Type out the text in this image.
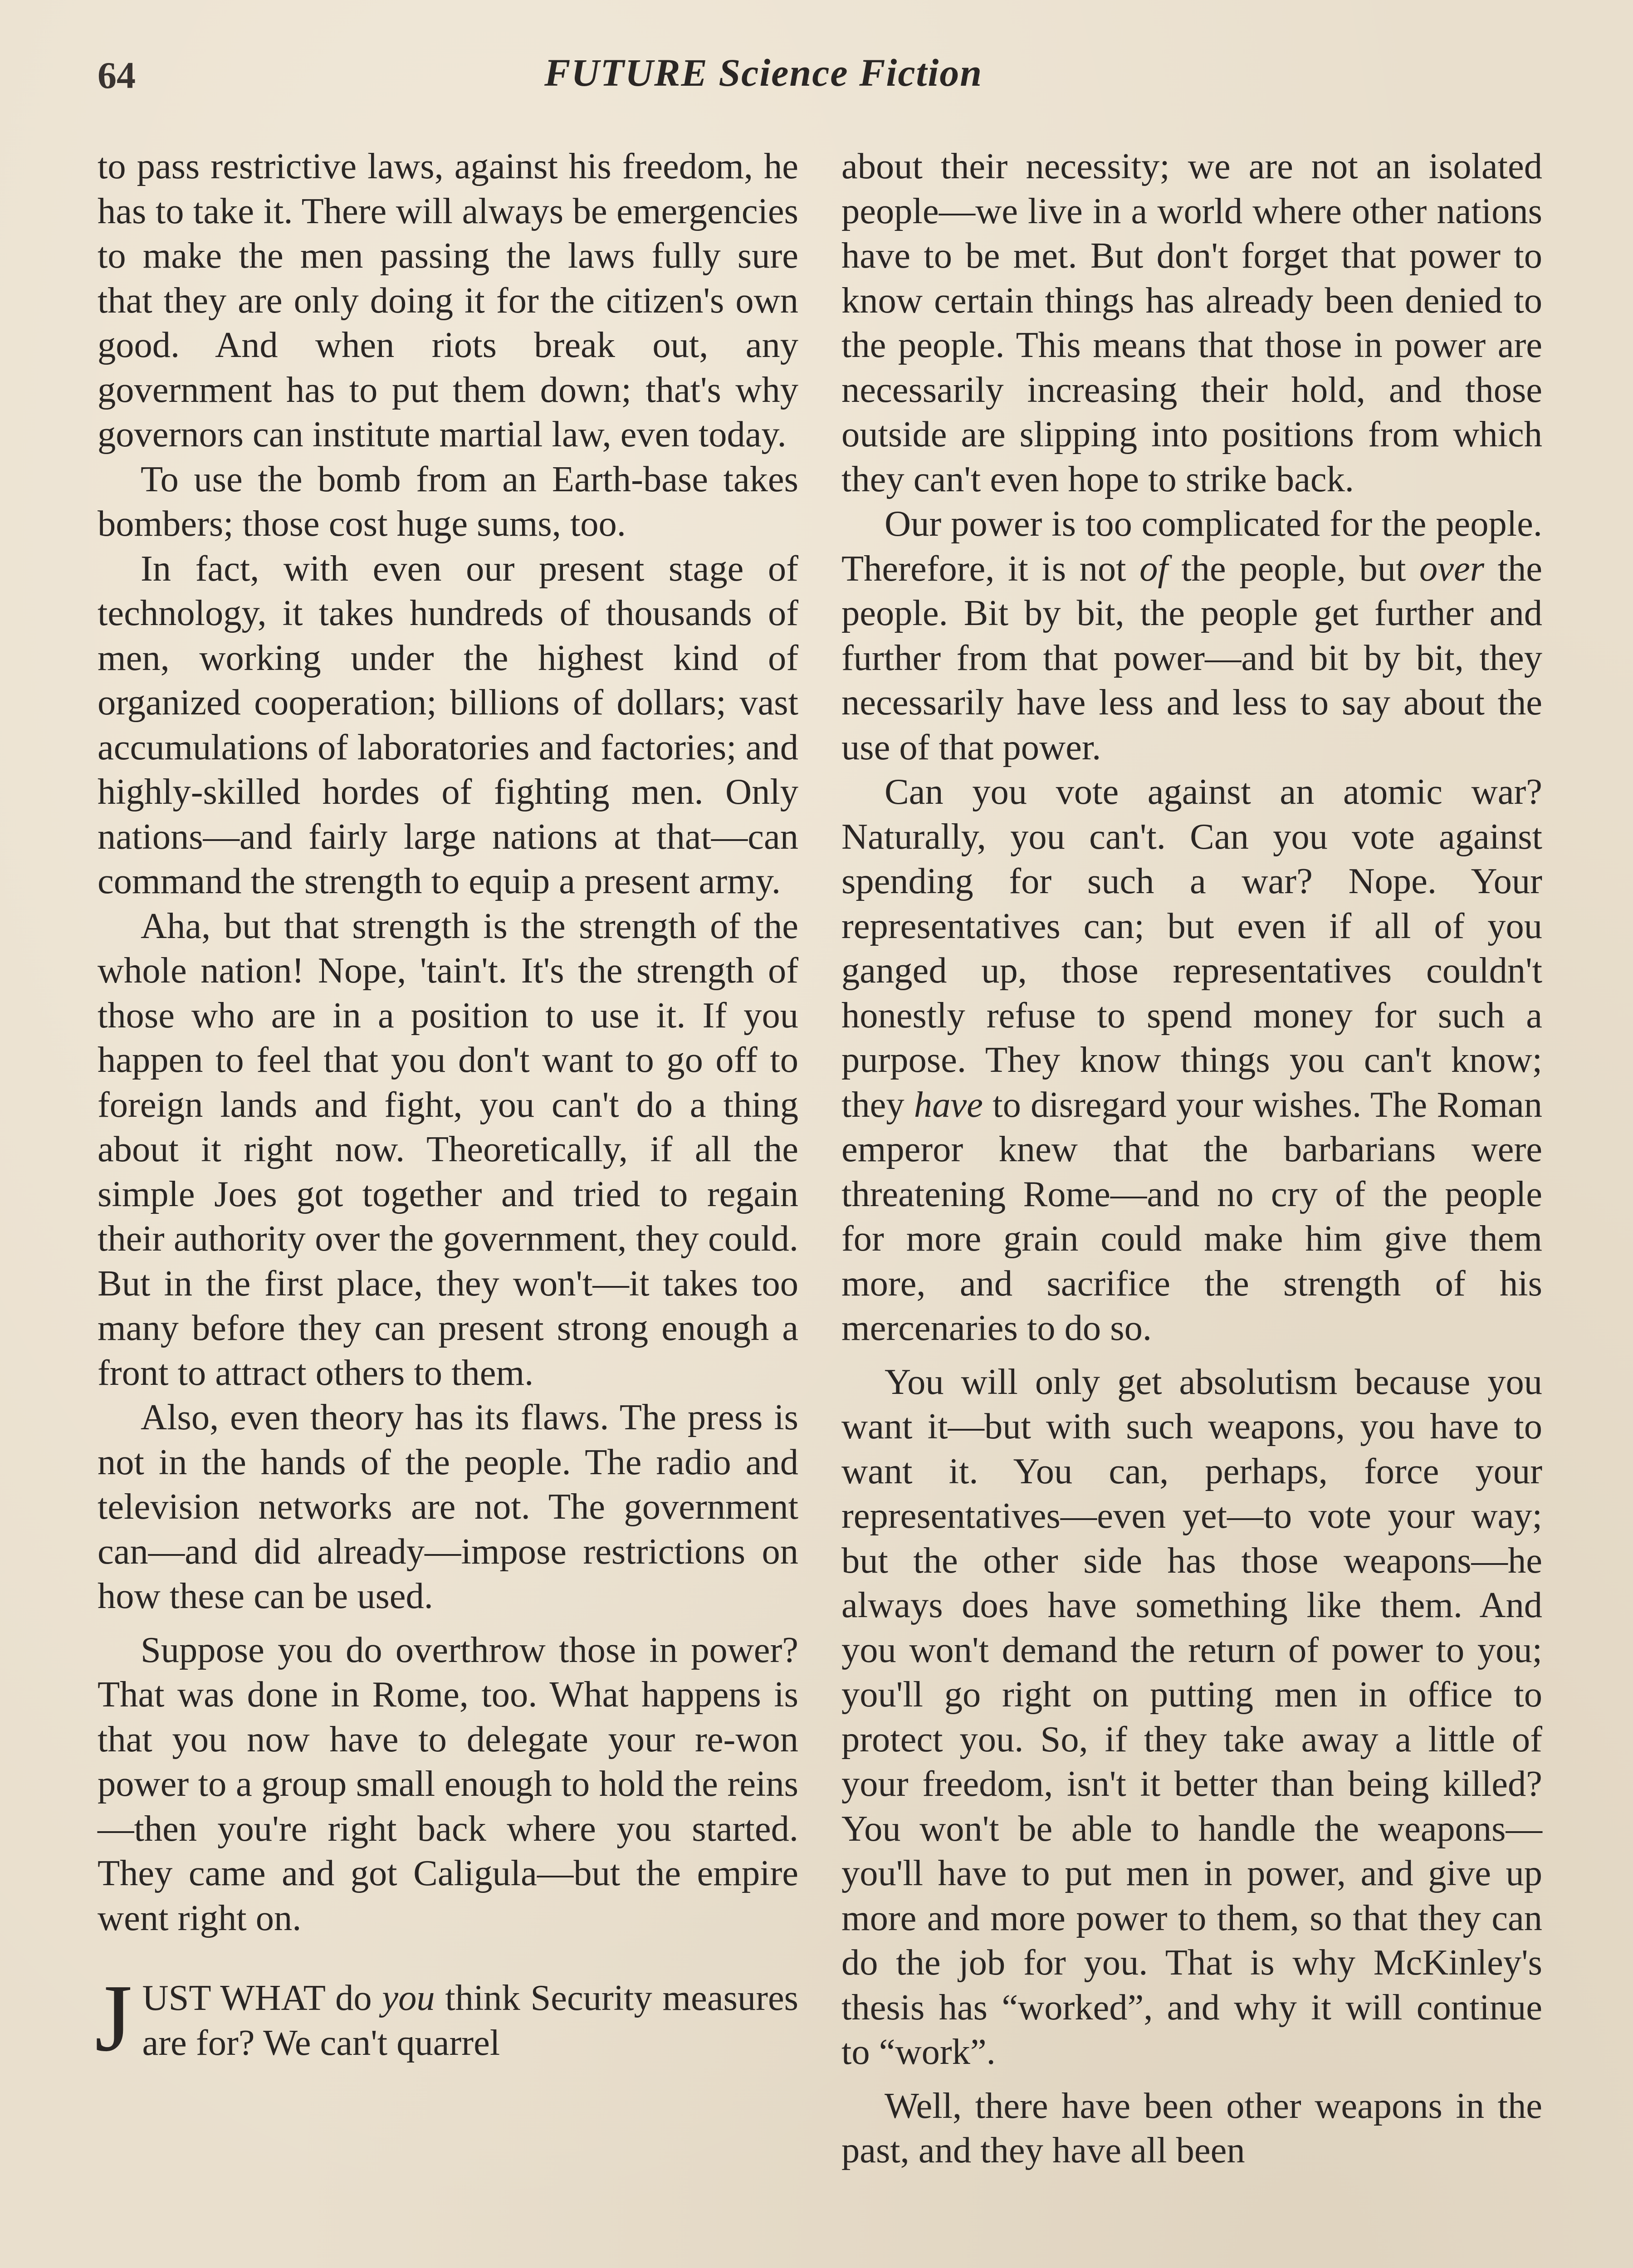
64	FUTURE Science Fiction

to pass restrictive laws, against his freedom, he has to take it. There will always be emergencies to make the men passing the laws fully sure that they are only doing it for the citizen's own good. And when riots break out, any government has to put them down; that's why governors can institute martial law, even today.

To use the bomb from an Earth-base takes bombers; those cost huge sums, too.

In fact, with even our present stage of technology, it takes hundreds of thousands of men, working under the highest kind of organized cooperation; billions of dollars; vast accumulations of laboratories and factories; and highly-skilled hordes of fighting men. Only nations—and fairly large nations at that—can command the strength to equip a present army.

Aha, but that strength is the strength of the whole nation! Nope, 'tain't. It's the strength of those who are in a position to use it. If you happen to feel that you don't want to go off to foreign lands and fight, you can't do a thing about it right now. Theoretically, if all the simple Joes got together and tried to regain their authority over the government, they could. But in the first place, they won't—it takes too many before they can present strong enough a front to attract others to them.

Also, even theory has its flaws. The press is not in the hands of the people. The radio and television networks are not. The government can—and did already—impose restrictions on how these can be used.

Suppose you do overthrow those in power? That was done in Rome, too. What happens is that you now have to delegate your re-won power to a group small enough to hold the reins—then you're right back where you started. They came and got Caligula—but the empire went right on.

JUST WHAT do you think Security measures are for? We can't quarrel

about their necessity; we are not an isolated people—we live in a world where other nations have to be met. But don't forget that power to know certain things has already been denied to the people. This means that those in power are necessarily increasing their hold, and those outside are slipping into positions from which they can't even hope to strike back.

Our power is too complicated for the people. Therefore, it is not of the people, but over the people. Bit by bit, the people get further and further from that power—and bit by bit, they necessarily have less and less to say about the use of that power.

Can you vote against an atomic war? Naturally, you can't. Can you vote against spending for such a war? Nope. Your representatives can; but even if all of you ganged up, those representatives couldn't honestly refuse to spend money for such a purpose. They know things you can't know; they have to disregard your wishes. The Roman emperor knew that the barbarians were threatening Rome—and no cry of the people for more grain could make him give them more, and sacrifice the strength of his mercenaries to do so.

You will only get absolutism because you want it—but with such weapons, you have to want it. You can, perhaps, force your representatives—even yet—to vote your way; but the other side has those weapons—he always does have something like them. And you won't demand the return of power to you; you'll go right on putting men in office to protect you. So, if they take away a little of your freedom, isn't it better than being killed? You won't be able to handle the weapons—you'll have to put men in power, and give up more and more power to them, so that they can do the job for you. That is why McKinley's thesis has “worked”, and why it will continue to “work”.

Well, there have been other weapons in the past, and they have all been
